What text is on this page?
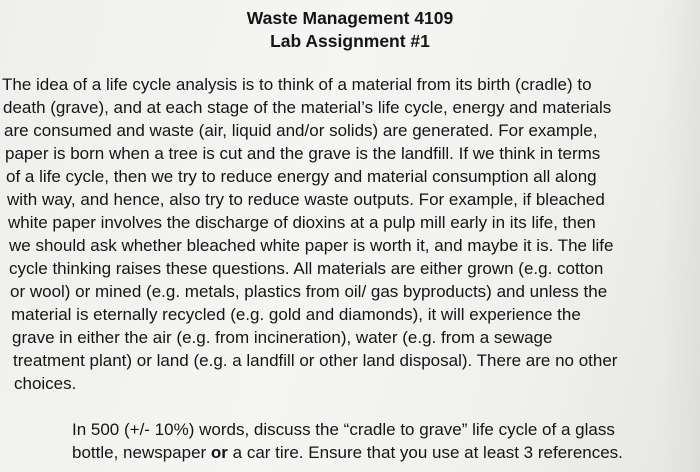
Waste Management 4109
Lab Assignment #1
The idea of a life cycle analysis is to think of a material from its birth (cradle) to
death (grave), and at each stage of the material’s life cycle, energy and materials
are consumed and waste (air, liquid and/or solids) are generated. For example,
paper is born when a tree is cut and the grave is the landfill. If we think in terms
of a life cycle, then we try to reduce energy and material consumption all along
with way, and hence, also try to reduce waste outputs. For example, if bleached
white paper involves the discharge of dioxins at a pulp mill early in its life, then
we should ask whether bleached white paper is worth it, and maybe it is. The life
cycle thinking raises these questions. All materials are either grown (e.g. cotton
or wool) or mined (e.g. metals, plastics from oil/ gas byproducts) and unless the
material is eternally recycled (e.g. gold and diamonds), it will experience the
grave in either the air (e.g. from incineration), water (e.g. from a sewage
treatment plant) or land (e.g. a landfill or other land disposal). There are no other
choices.
In 500 (+/- 10%) words, discuss the “cradle to grave” life cycle of a glass
bottle, newspaper or a car tire. Ensure that you use at least 3 references.
